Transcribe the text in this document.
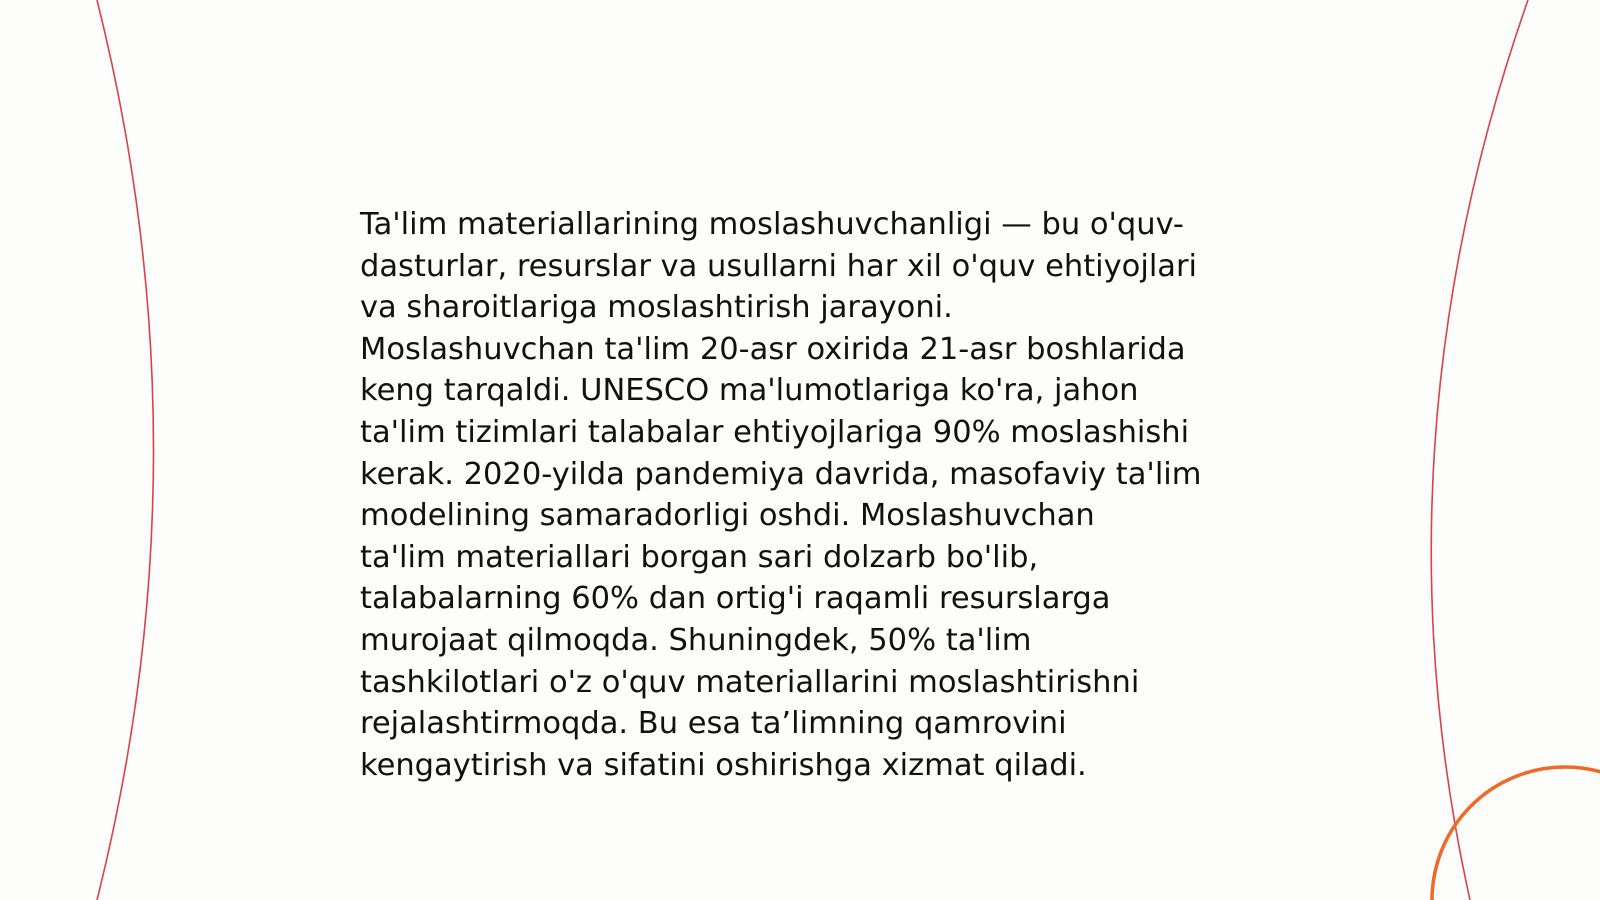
Ta'lim materiallarining moslashuvchanligi — bu o'quv-
dasturlar, resurslar va usullarni har xil o'quv ehtiyojlari
va sharoitlariga moslashtirish jarayoni.
Moslashuvchan ta'lim 20-asr oxirida 21-asr boshlarida
keng tarqaldi. UNESCO ma'lumotlariga ko'ra, jahon
ta'lim tizimlari talabalar ehtiyojlariga 90% moslashishi
kerak. 2020-yilda pandemiya davrida, masofaviy ta'lim
modelining samaradorligi oshdi. Moslashuvchan
ta'lim materiallari borgan sari dolzarb bo'lib,
talabalarning 60% dan ortig'i raqamli resurslarga
murojaat qilmoqda. Shuningdek, 50% ta'lim
tashkilotlari o'z o'quv materiallarini moslashtirishni
rejalashtirmoqda. Bu esa ta’limning qamrovini
kengaytirish va sifatini oshirishga xizmat qiladi.
